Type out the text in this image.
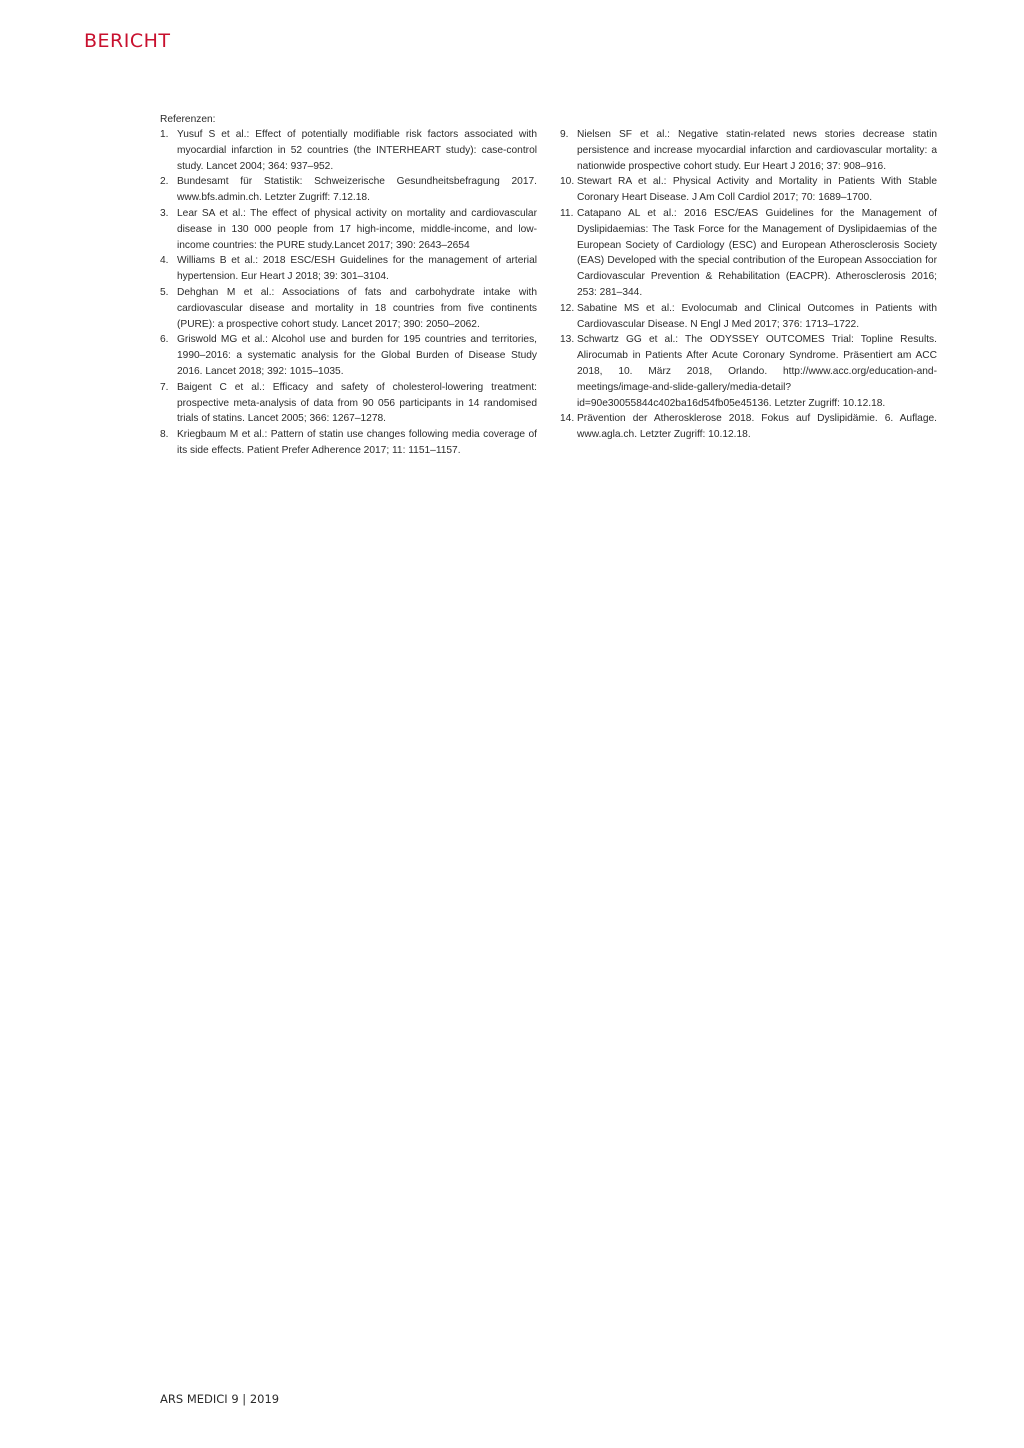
BERICHT
Referenzen:
1. Yusuf S et al.: Effect of potentially modifiable risk factors associated with myocardial infarction in 52 countries (the INTERHEART study): case-control study. Lancet 2004; 364: 937–952.
2. Bundesamt für Statistik: Schweizerische Gesundheitsbefragung 2017. www.bfs.admin.ch. Letzter Zugriff: 7.12.18.
3. Lear SA et al.: The effect of physical activity on mortality and cardiovascular disease in 130 000 people from 17 high-income, middle-income, and low-income countries: the PURE study.Lancet 2017; 390: 2643–2654
4. Williams B et al.: 2018 ESC/ESH Guidelines for the management of arterial hypertension. Eur Heart J 2018; 39: 301–3104.
5. Dehghan M et al.: Associations of fats and carbohydrate intake with cardiovascular disease and mortality in 18 countries from five continents (PURE): a prospective cohort study. Lancet 2017; 390: 2050–2062.
6. Griswold MG et al.: Alcohol use and burden for 195 countries and territories, 1990–2016: a systematic analysis for the Global Burden of Disease Study 2016. Lancet 2018; 392: 1015–1035.
7. Baigent C et al.: Efficacy and safety of cholesterol-lowering treatment: prospective meta-analysis of data from 90 056 participants in 14 randomised trials of statins. Lancet 2005; 366: 1267–1278.
8. Kriegbaum M et al.: Pattern of statin use changes following media coverage of its side effects. Patient Prefer Adherence 2017; 11: 1151–1157.
9. Nielsen SF et al.: Negative statin-related news stories decrease statin persistence and increase myocardial infarction and cardiovascular mortality: a nationwide prospective cohort study. Eur Heart J 2016; 37: 908–916.
10. Stewart RA et al.: Physical Activity and Mortality in Patients With Stable Coronary Heart Disease. J Am Coll Cardiol 2017; 70: 1689–1700.
11. Catapano AL et al.: 2016 ESC/EAS Guidelines for the Management of Dyslipidaemias: The Task Force for the Management of Dyslipidaemias of the European Society of Cardiology (ESC) and European Atherosclerosis Society (EAS) Developed with the special contribution of the European Assocciation for Cardiovascular Prevention & Rehabilitation (EACPR). Atherosclerosis 2016; 253: 281–344.
12. Sabatine MS et al.: Evolocumab and Clinical Outcomes in Patients with Cardiovascular Disease. N Engl J Med 2017; 376: 1713–1722.
13. Schwartz GG et al.: The ODYSSEY OUTCOMES Trial: Topline Results. Alirocumab in Patients After Acute Coronary Syndrome. Präsentiert am ACC 2018, 10. März 2018, Orlando. http://www.acc.org/education-and-meetings/image-and-slide-gallery/media-detail?id=90e30055844c402ba16d54fb05e45136. Letzter Zugriff: 10.12.18.
14. Prävention der Atherosklerose 2018. Fokus auf Dyslipidämie. 6. Auflage. www.agla.ch. Letzter Zugriff: 10.12.18.
ARS MEDICI 9 | 2019
